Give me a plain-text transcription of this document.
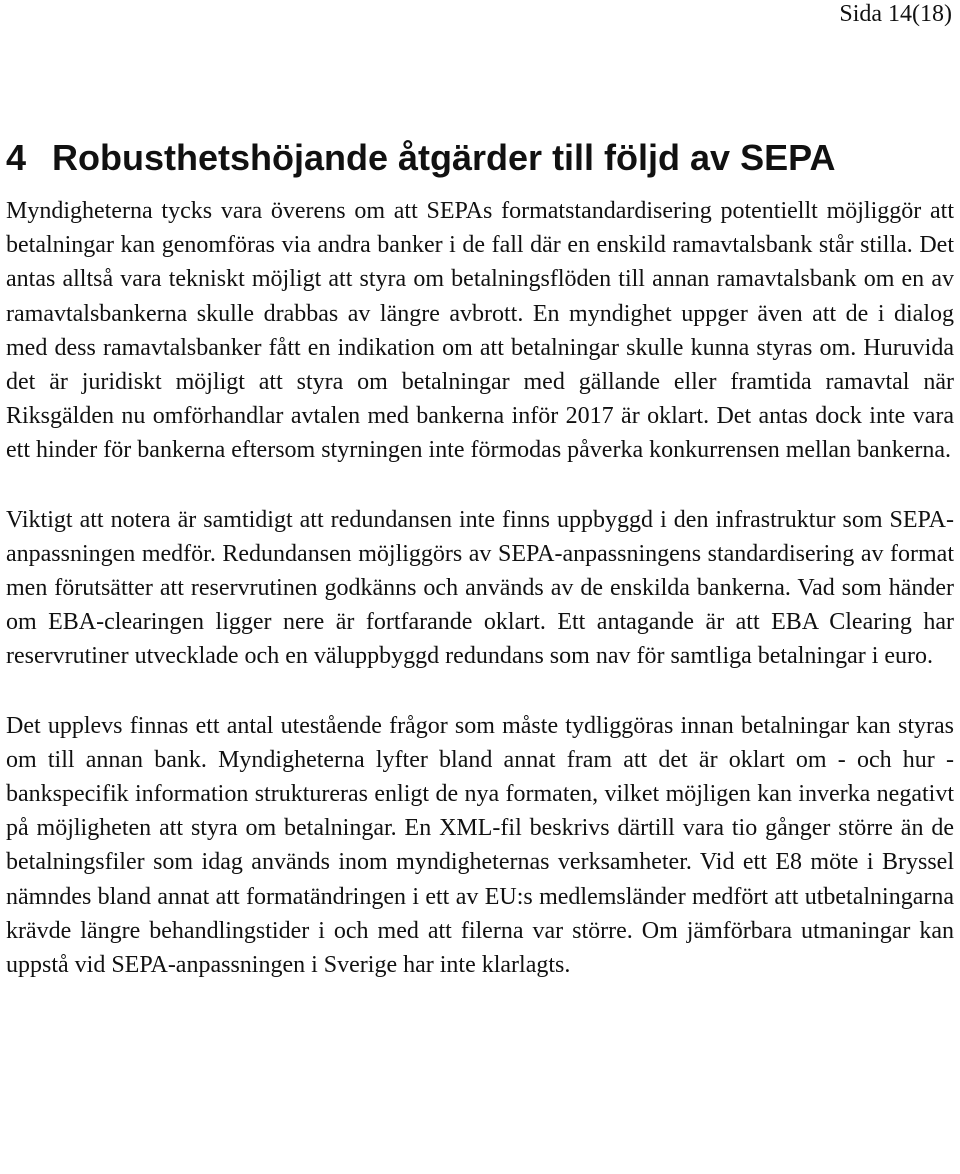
Sida 14(18)
4 Robusthetshöjande åtgärder till följd av SEPA

Myndigheterna tycks vara överens om att SEPAs formatstandardisering potentiellt möjliggör att betalningar kan genomföras via andra banker i de fall där en enskild ramavtalsbank står stilla. Det antas alltså vara tekniskt möjligt att styra om betalningsflöden till annan ramavtalsbank om en av ramavtalsbankerna skulle drabbas av längre avbrott. En myndighet uppger även att de i dialog med dess ramavtalsbanker fått en indikation om att betalningar skulle kunna styras om. Huruvida det är juridiskt möjligt att styra om betalningar med gällande eller framtida ramavtal när Riksgälden nu omförhandlar avtalen med bankerna inför 2017 är oklart. Det antas dock inte vara ett hinder för bankerna eftersom styrningen inte förmodas påverka konkurrensen mellan bankerna.

Viktigt att notera är samtidigt att redundansen inte finns uppbyggd i den infrastruktur som SEPA-anpassningen medför. Redundansen möjliggörs av SEPA-anpassningens standardisering av format men förutsätter att reservrutinen godkänns och används av de enskilda bankerna. Vad som händer om EBA-clearingen ligger nere är fortfarande oklart. Ett antagande är att EBA Clearing har reservrutiner utvecklade och en väluppbyggd redundans som nav för samtliga betalningar i euro.

Det upplevs finnas ett antal utestående frågor som måste tydliggöras innan betalningar kan styras om till annan bank. Myndigheterna lyfter bland annat fram att det är oklart om - och hur - bankspecifik information struktureras enligt de nya formaten, vilket möjligen kan inverka negativt på möjligheten att styra om betalningar. En XML-fil beskrivs därtill vara tio gånger större än de betalningsfiler som idag används inom myndigheternas verksamheter. Vid ett E8 möte i Bryssel nämndes bland annat att formatändringen i ett av EU:s medlemsländer medfört att utbetalningarna krävde längre behandlingstider i och med att filerna var större. Om jämförbara utmaningar kan uppstå vid SEPA-anpassningen i Sverige har inte klarlagts.
